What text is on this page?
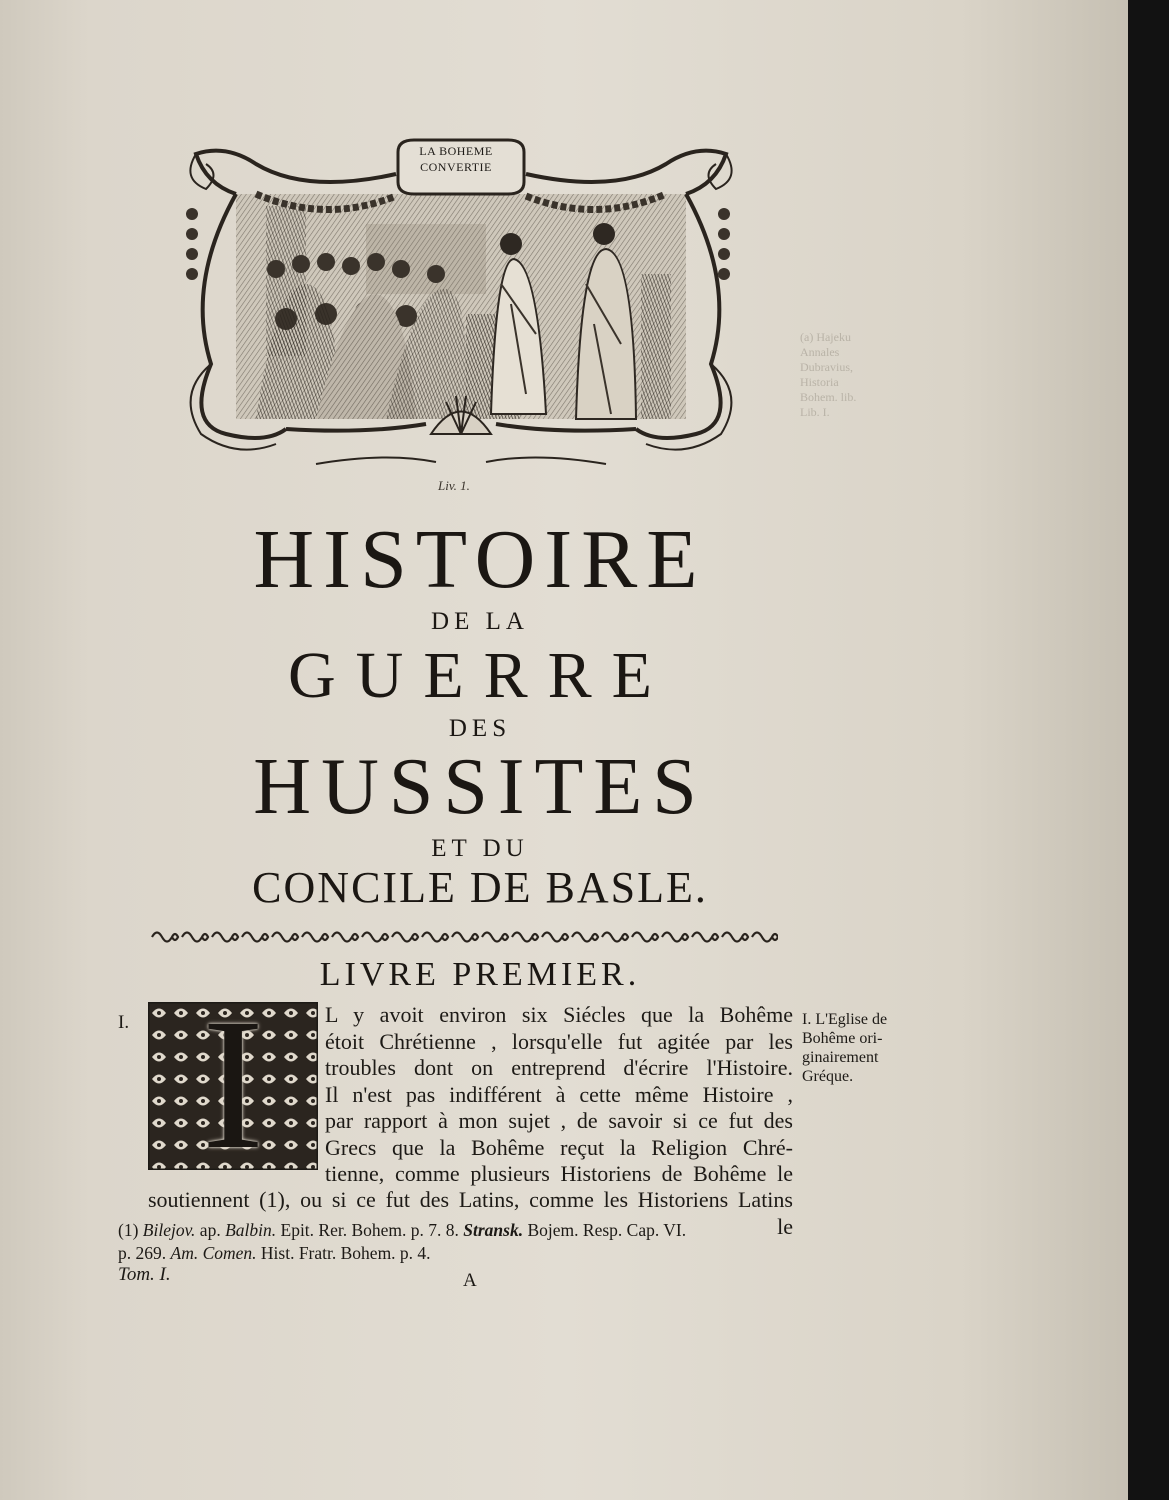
(a) Hajeku
Annales
Dubravius,
Historia
Bohem. lib.
Lib. I.
LA BOHEME
CONVERTIE
Liv. 1.
HISTOIRE
DE LA
GUERRE
DES
HUSSITES
ET DU
CONCILE DE BASLE.
LIVRE PREMIER.
I. I	L y avoit environ six Siécles que la Bohême
étoit Chrétienne , lorsqu'elle fut agitée par les
troubles dont on entreprend d'écrire l'Histoire.
Il n'est pas indifférent à cette même Histoire ,
par rapport à mon sujet , de savoir si ce fut des
Grecs que la Bohême reçut la Religion Chré-
tienne, comme plusieurs Historiens de Bohême le
soutiennent (1), ou si ce fut des Latins, comme les Historiens Latins
le
I. L'Eglise de
Bohême ori-
ginairement
Gréque.
(1) Bilejov. ap. Balbin. Epit. Rer. Bohem. p. 7. 8. Stransk. Bojem. Resp. Cap. VI.
p. 269. Am. Comen. Hist. Fratr. Bohem. p. 4.
Tom. I.	A
